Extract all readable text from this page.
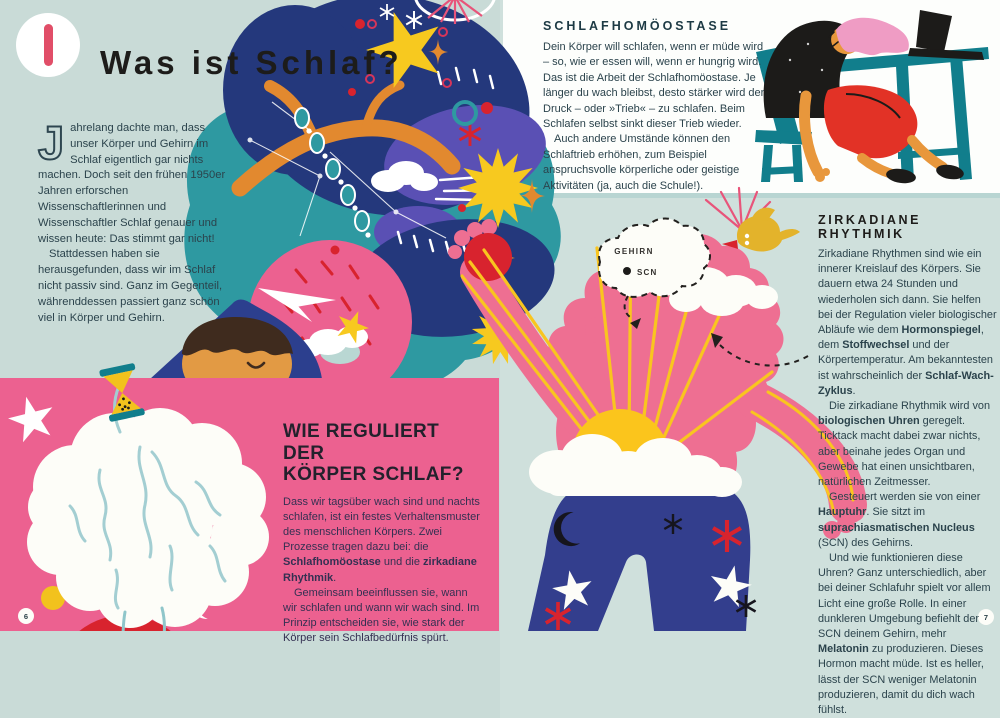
GEHIRN
SCN
6	7
Was ist Schlaf?

Jahrelang dachte man, dass unser Körper und Gehirn im Schlaf eigentlich gar nichts machen. Doch seit den frühen 1950er Jahren erforschen Wissenschaftlerinnen und Wissenschaftler Schlaf genauer und wissen heute: Das stimmt gar nicht!

Stattdessen haben sie herausgefunden, dass wir im Schlaf nicht passiv sind. Ganz im Gegenteil, währenddessen passiert ganz schön viel in Körper und Gehirn.

SCHLAFHOMÖOSTASE

Dein Körper will schlafen, wenn er müde wird – so, wie er essen will, wenn er hungrig wird. Das ist die Arbeit der Schlafhomöostase. Je länger du wach bleibst, desto stärker wird der Druck – oder »Trieb« – zu schlafen. Beim Schlafen selbst sinkt dieser Trieb wieder.

Auch andere Umstände können den Schlaftrieb erhöhen, zum Beispiel anspruchsvolle körperliche oder geistige Aktivitäten (ja, auch die Schule!).

WIE REGULIERT DER
KÖRPER SCHLAF?

Dass wir tagsüber wach sind und nachts schlafen, ist ein festes Verhaltensmuster des menschlichen Körpers. Zwei Prozesse tragen dazu bei: die Schlafhomöostase und die zirkadiane Rhythmik.

Gemeinsam beeinflussen sie, wann wir schlafen und wann wir wach sind. Im Prinzip entscheiden sie, wie stark der Körper sein Schlafbedürfnis spürt.

ZIRKADIANE RHYTHMIK

Zirkadiane Rhythmen sind wie ein innerer Kreislauf des Körpers. Sie dauern etwa 24 Stunden und wiederholen sich dann. Sie helfen bei der Regulation vieler biologischer Abläufe wie dem Hormonspiegel, dem Stoffwechsel und der Körpertemperatur. Am bekanntesten ist wahrscheinlich der Schlaf-Wach-Zyklus.

Die zirkadiane Rhythmik wird von biologischen Uhren geregelt. Ticktack macht dabei zwar nichts, aber beinahe jedes Organ und Gewebe hat einen unsichtbaren, natürlichen Zeitmesser.

Gesteuert werden sie von einer Hauptuhr. Sie sitzt im suprachiasmatischen Nucleus (SCN) des Gehirns.

Und wie funktionieren diese Uhren? Ganz unterschiedlich, aber bei deiner Schlafuhr spielt vor allem Licht eine große Rolle. In einer dunkleren Umgebung befiehlt der SCN deinem Gehirn, mehr Melatonin zu produzieren. Dieses Hormon macht müde. Ist es heller, lässt der SCN weniger Melatonin produzieren, damit du dich wach fühlst.
